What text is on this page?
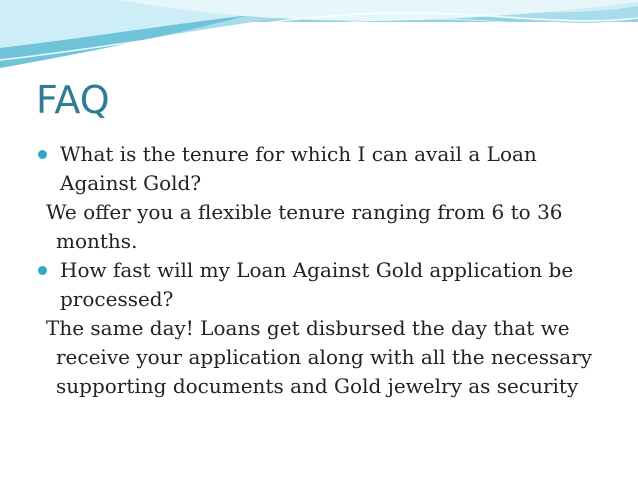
FAQ
What is the tenure for which I can avail a Loan Against Gold?
We offer you a flexible tenure ranging from 6 to 36 months.
How fast will my Loan Against Gold application be processed?
The same day! Loans get disbursed the day that we receive your application along with all the necessary supporting documents and Gold jewelry as security
